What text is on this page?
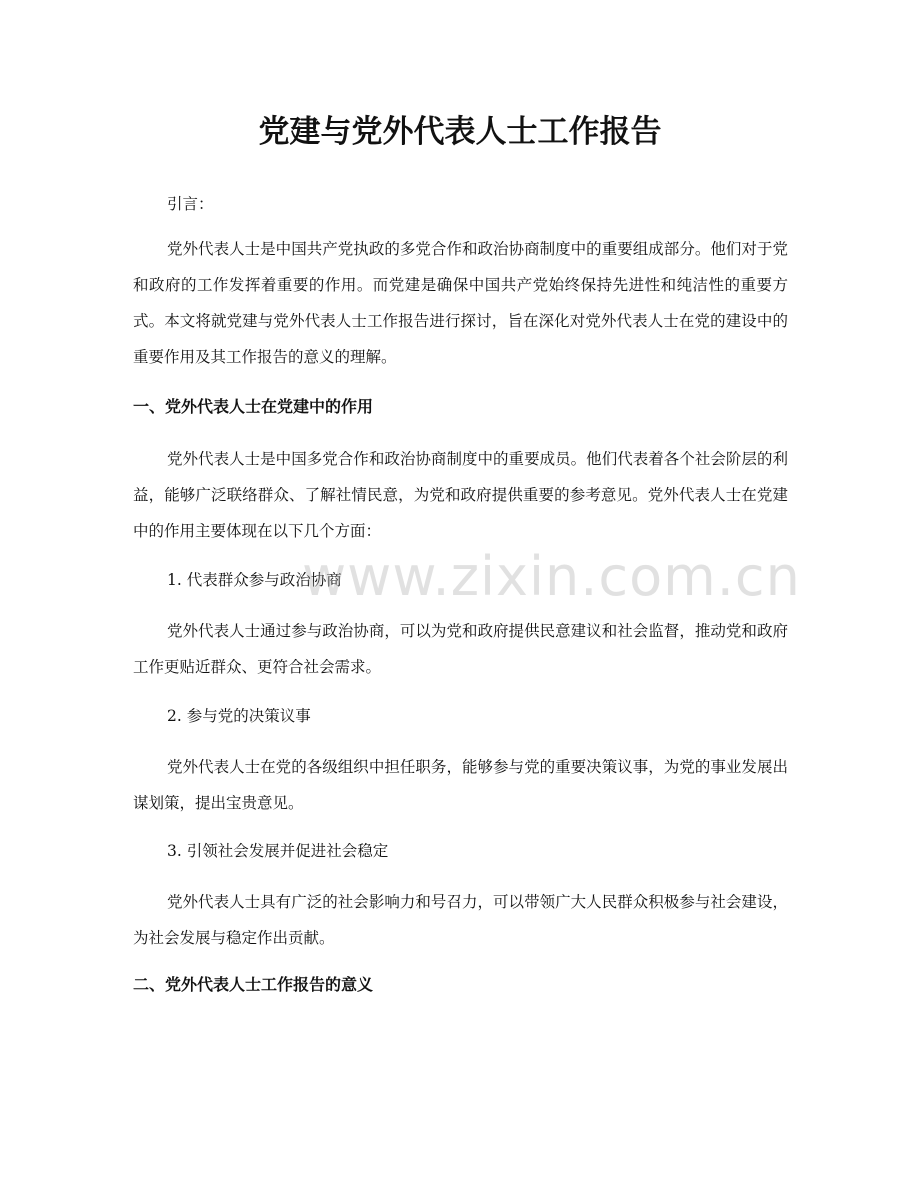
党建与党外代表人士工作报告

引言：

党外代表人士是中国共产党执政的多党合作和政治协商制度中的重要组成部分。他们对于党和政府的工作发挥着重要的作用。而党建是确保中国共产党始终保持先进性和纯洁性的重要方式。本文将就党建与党外代表人士工作报告进行探讨，旨在深化对党外代表人士在党的建设中的重要作用及其工作报告的意义的理解。

一、党外代表人士在党建中的作用

党外代表人士是中国多党合作和政治协商制度中的重要成员。他们代表着各个社会阶层的利益，能够广泛联络群众、了解社情民意，为党和政府提供重要的参考意见。党外代表人士在党建中的作用主要体现在以下几个方面：

1. 代表群众参与政治协商

党外代表人士通过参与政治协商，可以为党和政府提供民意建议和社会监督，推动党和政府工作更贴近群众、更符合社会需求。

2. 参与党的决策议事

党外代表人士在党的各级组织中担任职务，能够参与党的重要决策议事，为党的事业发展出谋划策，提出宝贵意见。

3. 引领社会发展并促进社会稳定

党外代表人士具有广泛的社会影响力和号召力，可以带领广大人民群众积极参与社会建设，为社会发展与稳定作出贡献。

二、党外代表人士工作报告的意义
www.zixin.com.cn
